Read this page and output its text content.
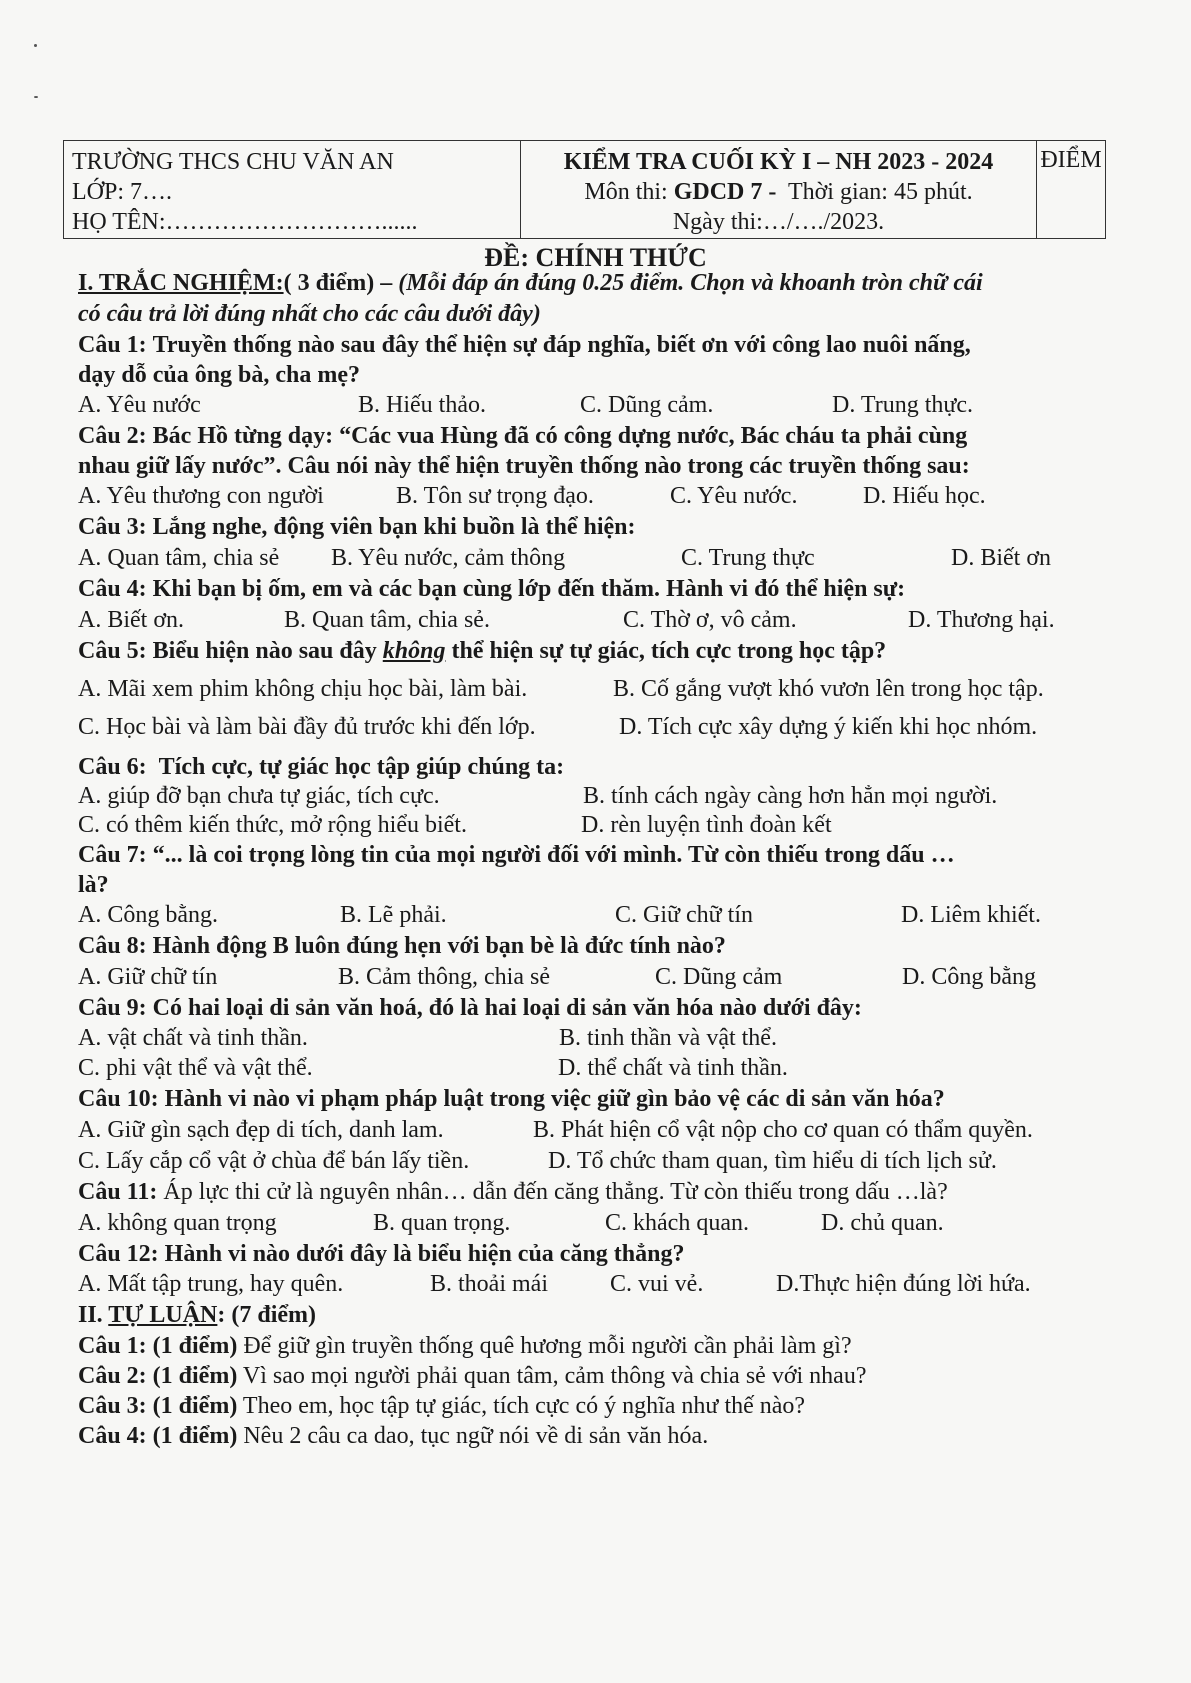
TRƯỜNG THCS CHU VĂN AN
LỚP: 7….
HỌ TÊN:………………………......

KIỂM TRA CUỐI KỲ I – NH 2023 - 2024
Môn thi: GDCD 7 - Thời gian: 45 phút.
Ngày thi:…/…./2023.
	ĐIỂM
ĐỀ: CHÍNH THỨC
I. TRẮC NGHIỆM:( 3 điểm) – (Mỗi đáp án đúng 0.25 điểm. Chọn và khoanh tròn chữ cái
có câu trả lời đúng nhất cho các câu dưới đây)
Câu 1: Truyền thống nào sau đây thể hiện sự đáp nghĩa, biết ơn với công lao nuôi nấng,
dạy dỗ của ông bà, cha mẹ?
A. Yêu nước	B. Hiếu thảo.	C. Dũng cảm.	D. Trung thực.
Câu 2: Bác Hồ từng dạy: “Các vua Hùng đã có công dựng nước, Bác cháu ta phải cùng
nhau giữ lấy nước”. Câu nói này thể hiện truyền thống nào trong các truyền thống sau:
A. Yêu thương con người	B. Tôn sư trọng đạo.	C. Yêu nước.	D. Hiếu học.
Câu 3: Lắng nghe, động viên bạn khi buồn là thể hiện:
A. Quan tâm, chia sẻ B. Yêu nước, cảm thông	C. Trung thực	D. Biết ơn
Câu 4: Khi bạn bị ốm, em và các bạn cùng lớp đến thăm. Hành vi đó thể hiện sự:
A. Biết ơn.	B. Quan tâm, chia sẻ.	C. Thờ ơ, vô cảm.	D. Thương hại.
Câu 5: Biểu hiện nào sau đây không thể hiện sự tự giác, tích cực trong học tập?
A. Mãi xem phim không chịu học bài, làm bài.	B. Cố gắng vượt khó vươn lên trong học tập.
C. Học bài và làm bài đầy đủ trước khi đến lớp.	D. Tích cực xây dựng ý kiến khi học nhóm.
Câu 6: Tích cực, tự giác học tập giúp chúng ta:
A. giúp đỡ bạn chưa tự giác, tích cực.	B. tính cách ngày càng hơn hẳn mọi người.
C. có thêm kiến thức, mở rộng hiểu biết.	D. rèn luyện tình đoàn kết
Câu 7: “... là coi trọng lòng tin của mọi người đối với mình. Từ còn thiếu trong dấu …
là?
A. Công bằng.	B. Lẽ phải.	C. Giữ chữ tín	D. Liêm khiết.
Câu 8: Hành động B luôn đúng hẹn với bạn bè là đức tính nào?
A. Giữ chữ tín	B. Cảm thông, chia sẻ	C. Dũng cảm	D. Công bằng
Câu 9: Có hai loại di sản văn hoá, đó là hai loại di sản văn hóa nào dưới đây:
A. vật chất và tinh thần.	B. tinh thần và vật thể.
C. phi vật thể và vật thể.	D. thể chất và tinh thần.
Câu 10: Hành vi nào vi phạm pháp luật trong việc giữ gìn bảo vệ các di sản văn hóa?
A. Giữ gìn sạch đẹp di tích, danh lam.	B. Phát hiện cổ vật nộp cho cơ quan có thẩm quyền.
C. Lấy cắp cổ vật ở chùa để bán lấy tiền.	D. Tổ chức tham quan, tìm hiểu di tích lịch sử.
Câu 11: Áp lực thi cử là nguyên nhân… dẫn đến căng thẳng. Từ còn thiếu trong dấu …là?
A. không quan trọng	B. quan trọng.	C. khách quan.	D. chủ quan.
Câu 12: Hành vi nào dưới đây là biểu hiện của căng thẳng?
A. Mất tập trung, hay quên.	B. thoải mái	C. vui vẻ.	D.Thực hiện đúng lời hứa.
II. TỰ LUẬN: (7 điểm)
Câu 1: (1 điểm) Để giữ gìn truyền thống quê hương mỗi người cần phải làm gì?
Câu 2: (1 điểm) Vì sao mọi người phải quan tâm, cảm thông và chia sẻ với nhau?
Câu 3: (1 điểm) Theo em, học tập tự giác, tích cực có ý nghĩa như thế nào?
Câu 4: (1 điểm) Nêu 2 câu ca dao, tục ngữ nói về di sản văn hóa.
